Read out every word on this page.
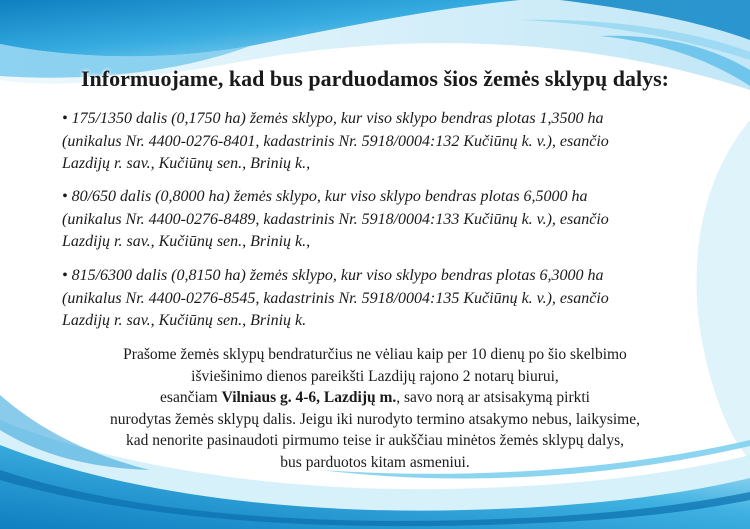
Informuojame, kad bus parduodamos šios žemės sklypų dalys:
• 175/1350 dalis (0,1750 ha) žemės sklypo, kur viso sklypo bendras plotas 1,3500 ha
(unikalus Nr. 4400-0276-8401, kadastrinis Nr. 5918/0004:132 Kučiūnų k. v.), esančio
Lazdijų r. sav., Kučiūnų sen., Brinių k.,
• 80/650 dalis (0,8000 ha) žemės sklypo, kur viso sklypo bendras plotas 6,5000 ha
(unikalus Nr. 4400-0276-8489, kadastrinis Nr. 5918/0004:133 Kučiūnų k. v.), esančio
Lazdijų r. sav., Kučiūnų sen., Brinių k.,
• 815/6300 dalis (0,8150 ha) žemės sklypo, kur viso sklypo bendras plotas 6,3000 ha
(unikalus Nr. 4400-0276-8545, kadastrinis Nr. 5918/0004:135 Kučiūnų k. v.), esančio
Lazdijų r. sav., Kučiūnų sen., Brinių k.
Prašome žemės sklypų bendraturčius ne vėliau kaip per 10 dienų po šio skelbimo
išviešinimo dienos pareikšti Lazdijų rajono 2 notarų biurui,
esančiam Vilniaus g. 4-6, Lazdijų m., savo norą ar atsisakymą pirkti
nurodytas žemės sklypų dalis. Jeigu iki nurodyto termino atsakymo nebus, laikysime,
kad nenorite pasinaudoti pirmumo teise ir aukščiau minėtos žemės sklypų dalys,
bus parduotos kitam asmeniui.
